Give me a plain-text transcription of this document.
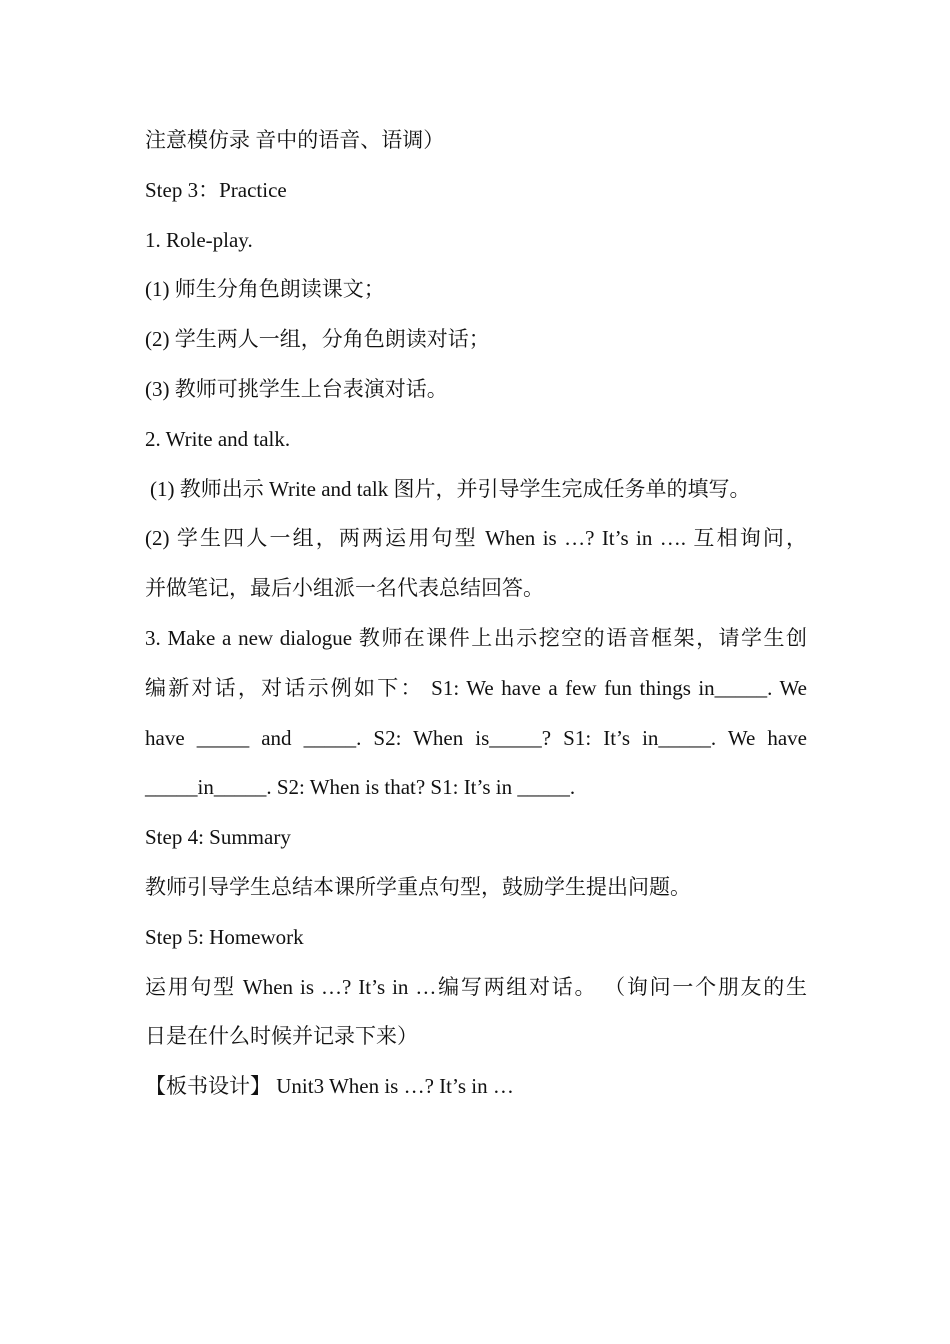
注意模仿录 音中的语音、语调）
Step 3：Practice
1. Role-play.
(1) 师生分角色朗读课文；
(2) 学生两人一组，分角色朗读对话；
(3) 教师可挑学生上台表演对话。
2. Write and talk.
(1) 教师出示 Write and talk 图片，并引导学生完成任务单的填写。
(2) 学生四人一组，两两运用句型 When is …? It’s in …. 互相询问，
并做笔记，最后小组派一名代表总结回答。
3. Make a new dialogue 教师在课件上出示挖空的语音框架，请学生创
编新对话，对话示例如下： S1: We have a few fun things in_____. We
have _____ and _____. S2: When is_____? S1: It’s in_____. We have
_____in_____. S2: When is that? S1: It’s in _____.
Step 4: Summary
教师引导学生总结本课所学重点句型，鼓励学生提出问题。
Step 5: Homework
运用句型 When is …? It’s in …编写两组对话。 （询问一个朋友的生
日是在什么时候并记录下来）
【板书设计】 Unit3 When is …? It’s in …
